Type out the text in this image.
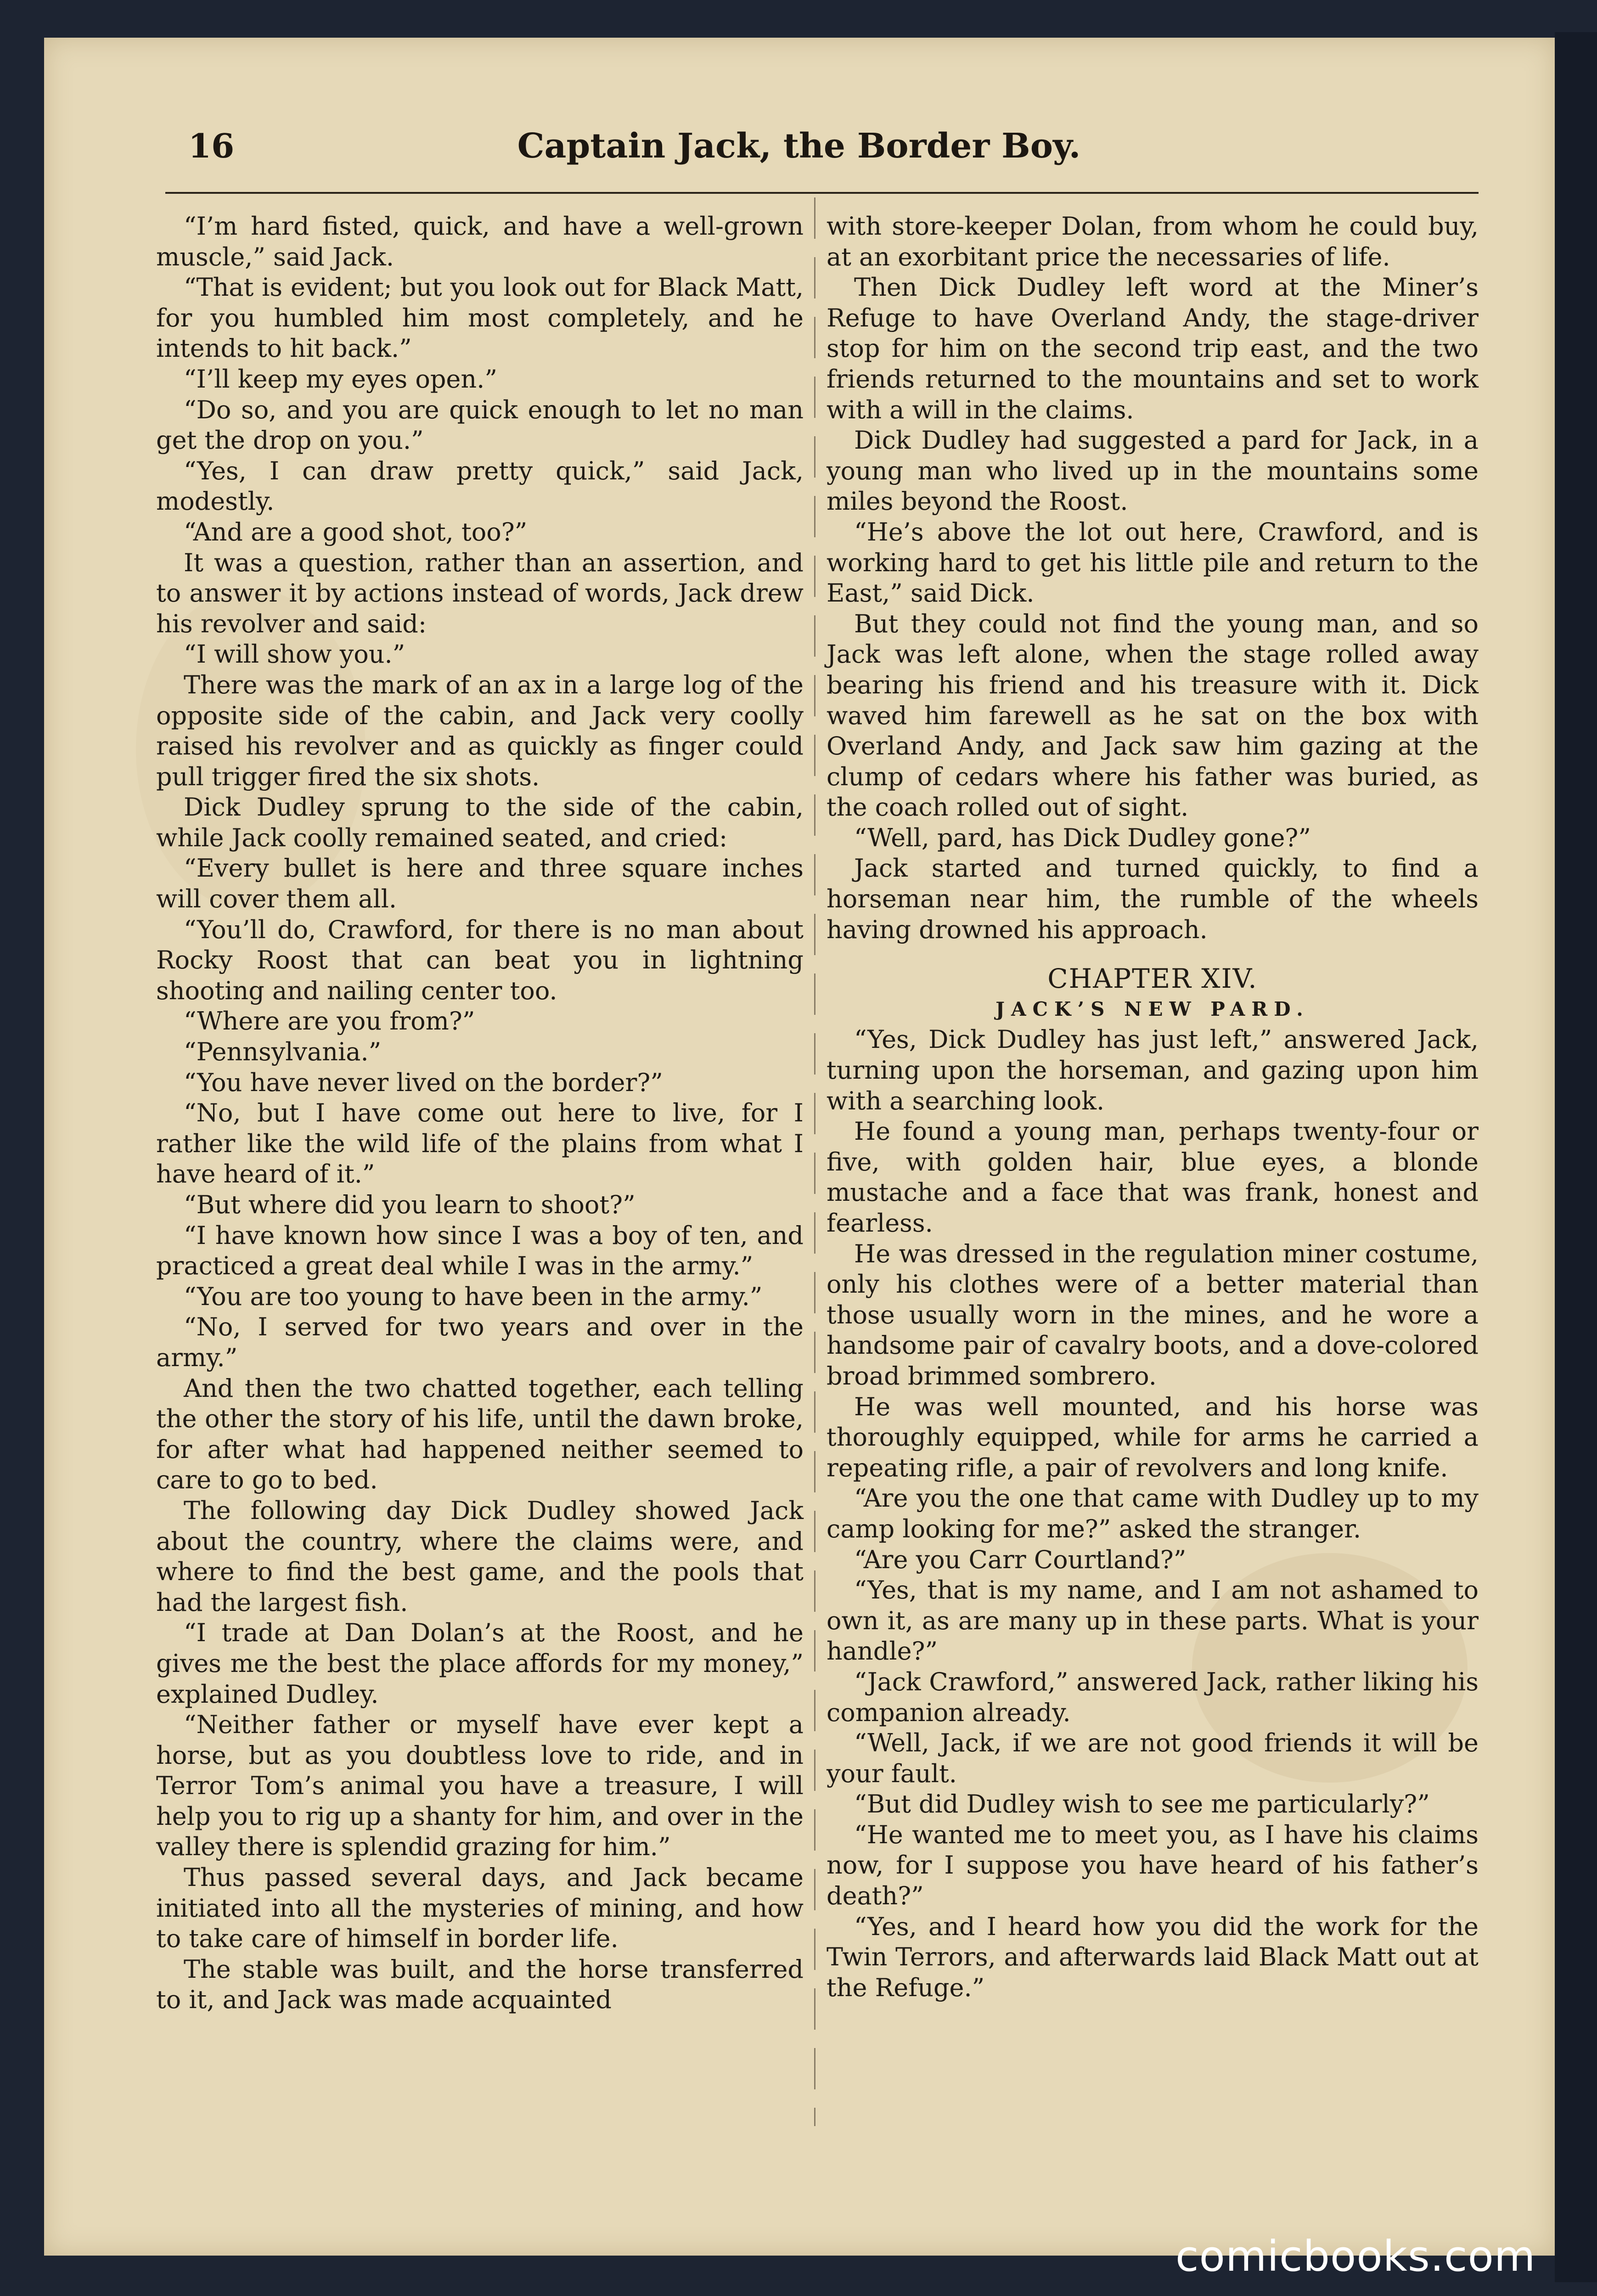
16	Captain Jack, the Border Boy.

“I’m hard fisted, quick, and have a well-grown muscle,” said Jack.

“That is evident; but you look out for Black Matt, for you humbled him most completely, and he intends to hit back.”

“I’ll keep my eyes open.”

“Do so, and you are quick enough to let no man get the drop on you.”

“Yes, I can draw pretty quick,” said Jack, modestly.

“And are a good shot, too?”

It was a question, rather than an assertion, and to answer it by actions instead of words, Jack drew his revolver and said:

“I will show you.”

There was the mark of an ax in a large log of the opposite side of the cabin, and Jack very coolly raised his revolver and as quickly as finger could pull trigger fired the six shots.

Dick Dudley sprung to the side of the cabin, while Jack coolly remained seated, and cried:

“Every bullet is here and three square inches will cover them all.

“You’ll do, Crawford, for there is no man about Rocky Roost that can beat you in lightning shooting and nailing center too.

“Where are you from?”

“Pennsylvania.”

“You have never lived on the border?”

“No, but I have come out here to live, for I rather like the wild life of the plains from what I have heard of it.”

“But where did you learn to shoot?”

“I have known how since I was a boy of ten, and practiced a great deal while I was in the army.”

“You are too young to have been in the army.”

“No, I served for two years and over in the army.”

And then the two chatted together, each telling the other the story of his life, until the dawn broke, for after what had happened neither seemed to care to go to bed.

The following day Dick Dudley showed Jack about the country, where the claims were, and where to find the best game, and the pools that had the largest fish.

“I trade at Dan Dolan’s at the Roost, and he gives me the best the place affords for my money,” explained Dudley.

“Neither father or myself have ever kept a horse, but as you doubtless love to ride, and in Terror Tom’s animal you have a treasure, I will help you to rig up a shanty for him, and over in the valley there is splendid grazing for him.”

Thus passed several days, and Jack became initiated into all the mysteries of mining, and how to take care of himself in border life.

The stable was built, and the horse transferred to it, and Jack was made acquainted

with store-keeper Dolan, from whom he could buy, at an exorbitant price the necessaries of life.

Then Dick Dudley left word at the Miner’s Refuge to have Overland Andy, the stage-driver stop for him on the second trip east, and the two friends returned to the mountains and set to work with a will in the claims.

Dick Dudley had suggested a pard for Jack, in a young man who lived up in the mountains some miles beyond the Roost.

“He’s above the lot out here, Crawford, and is working hard to get his little pile and return to the East,” said Dick.

But they could not find the young man, and so Jack was left alone, when the stage rolled away bearing his friend and his treasure with it. Dick waved him farewell as he sat on the box with Overland Andy, and Jack saw him gazing at the clump of cedars where his father was buried, as the coach rolled out of sight.

“Well, pard, has Dick Dudley gone?”

Jack started and turned quickly, to find a horseman near him, the rumble of the wheels having drowned his approach.

CHAPTER XIV.

JACK’S NEW PARD.

“Yes, Dick Dudley has just left,” answered Jack, turning upon the horseman, and gazing upon him with a searching look.

He found a young man, perhaps twenty-four or five, with golden hair, blue eyes, a blonde mustache and a face that was frank, honest and fearless.

He was dressed in the regulation miner costume, only his clothes were of a better material than those usually worn in the mines, and he wore a handsome pair of cavalry boots, and a dove-colored broad brimmed sombrero.

He was well mounted, and his horse was thoroughly equipped, while for arms he carried a repeating rifle, a pair of revolvers and long knife.

“Are you the one that came with Dudley up to my camp looking for me?” asked the stranger.

“Are you Carr Courtland?”

“Yes, that is my name, and I am not ashamed to own it, as are many up in these parts. What is your handle?”

“Jack Crawford,” answered Jack, rather liking his companion already.

“Well, Jack, if we are not good friends it will be your fault.

“But did Dudley wish to see me particularly?”

“He wanted me to meet you, as I have his claims now, for I suppose you have heard of his father’s death?”

“Yes, and I heard how you did the work for the Twin Terrors, and afterwards laid Black Matt out at the Refuge.”

comicbooks.com
